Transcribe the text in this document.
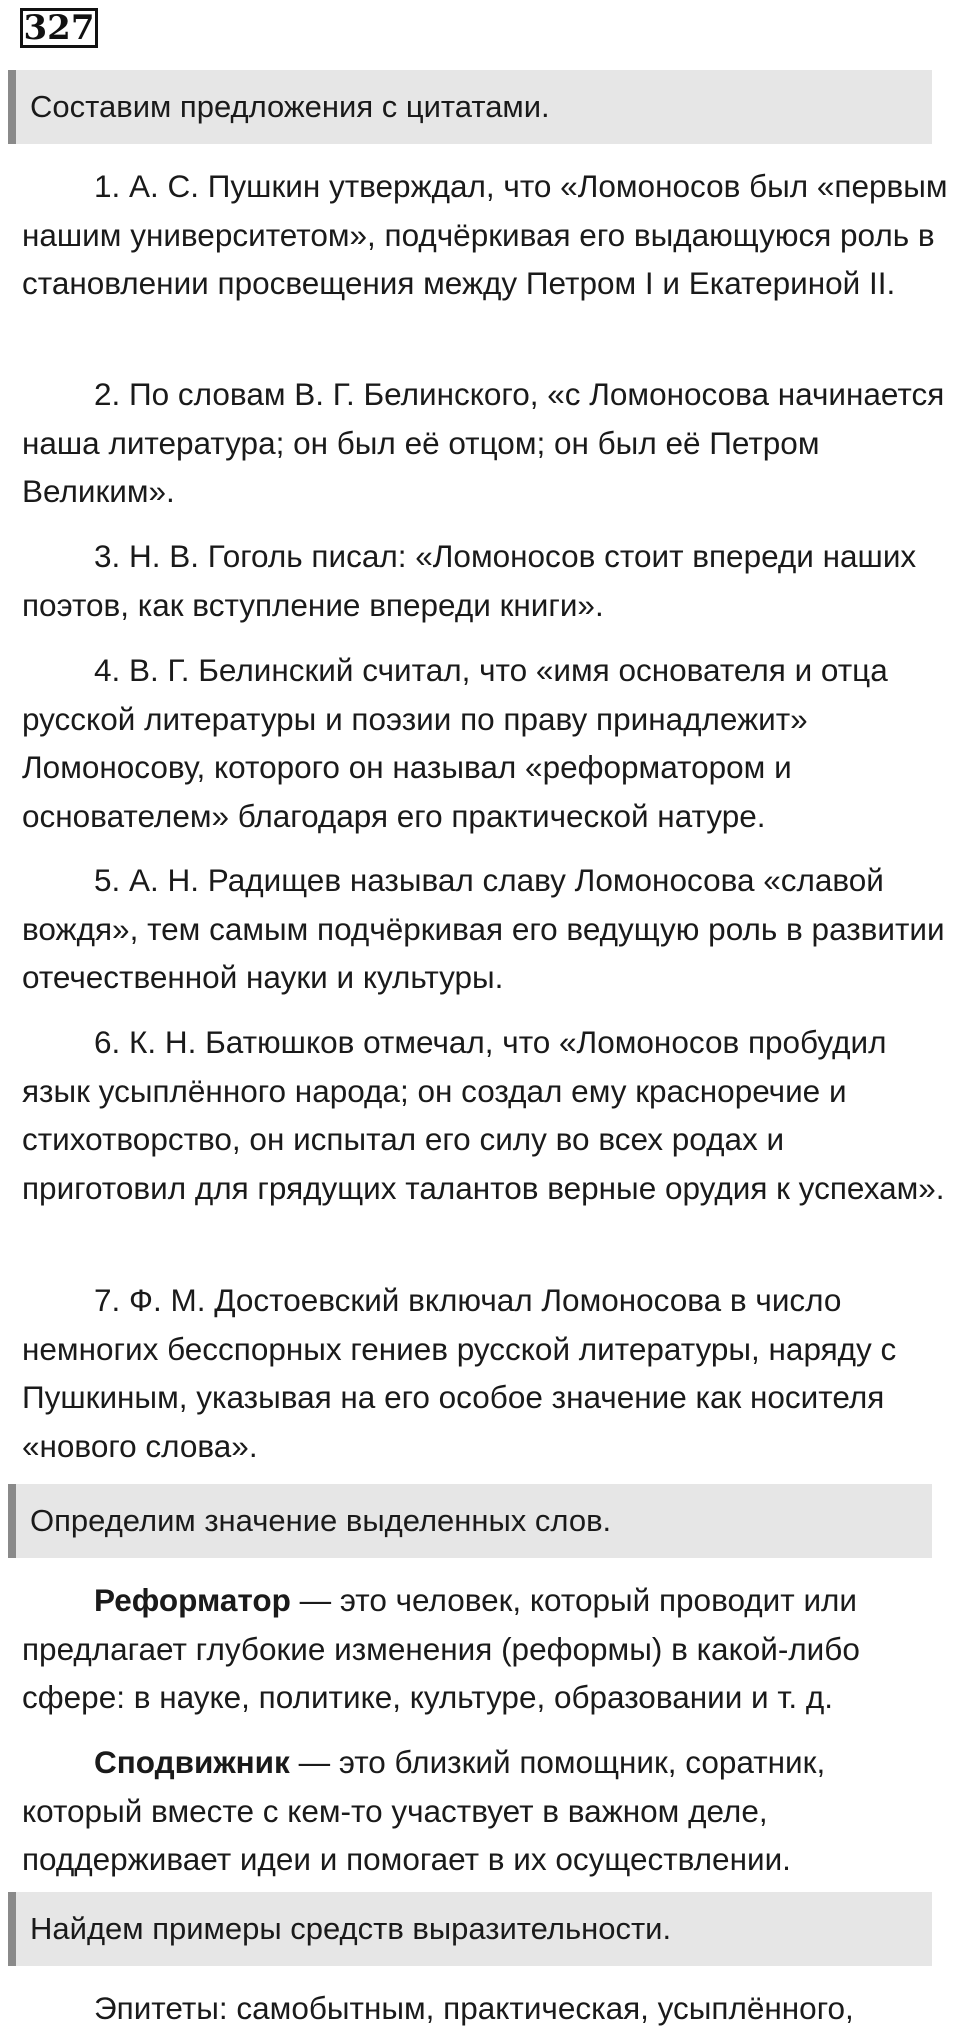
327
Составим предложения с цитатами.

1. А. С. Пушкин утверждал, что «Ломоносов был «первым нашим университетом», подчёркивая его выдающуюся роль в становлении просвещения между Петром I и Екатериной II.

2. По словам В. Г. Белинского, «с Ломоносова начинается наша литература; он был её отцом; он был её Петром Великим».

3. Н. В. Гоголь писал: «Ломоносов стоит впереди наших поэтов, как вступление впереди книги».

4. В. Г. Белинский считал, что «имя основателя и отца русской литературы и поэзии по праву принадлежит» Ломоносову, которого он называл «реформатором и основателем» благодаря его практической натуре.

5. А. Н. Радищев называл славу Ломоносова «славой вождя», тем самым подчёркивая его ведущую роль в развитии отечественной науки и культуры.

6. К. Н. Батюшков отмечал, что «Ломоносов пробудил язык усыплённого народа; он создал ему красноречие и стихотворство, он испытал его силу во всех родах и приготовил для грядущих талантов верные орудия к успехам».

7. Ф. М. Достоевский включал Ломоносова в число немногих бесспорных гениев русской литературы, наряду с Пушкиным, указывая на его особое значение как носителя «нового слова».

Определим значение выделенных слов.

Реформатор — это человек, который проводит или предлагает глубокие изменения (реформы) в какой-либо сфере: в науке, политике, культуре, образовании и т. д.

Сподвижник — это близкий помощник, соратник, который вместе с кем-то участвует в важном деле, поддерживает идеи и помогает в их осуществлении.

Найдем примеры средств выразительности.

Эпитеты: самобытным, практическая, усыплённого,
